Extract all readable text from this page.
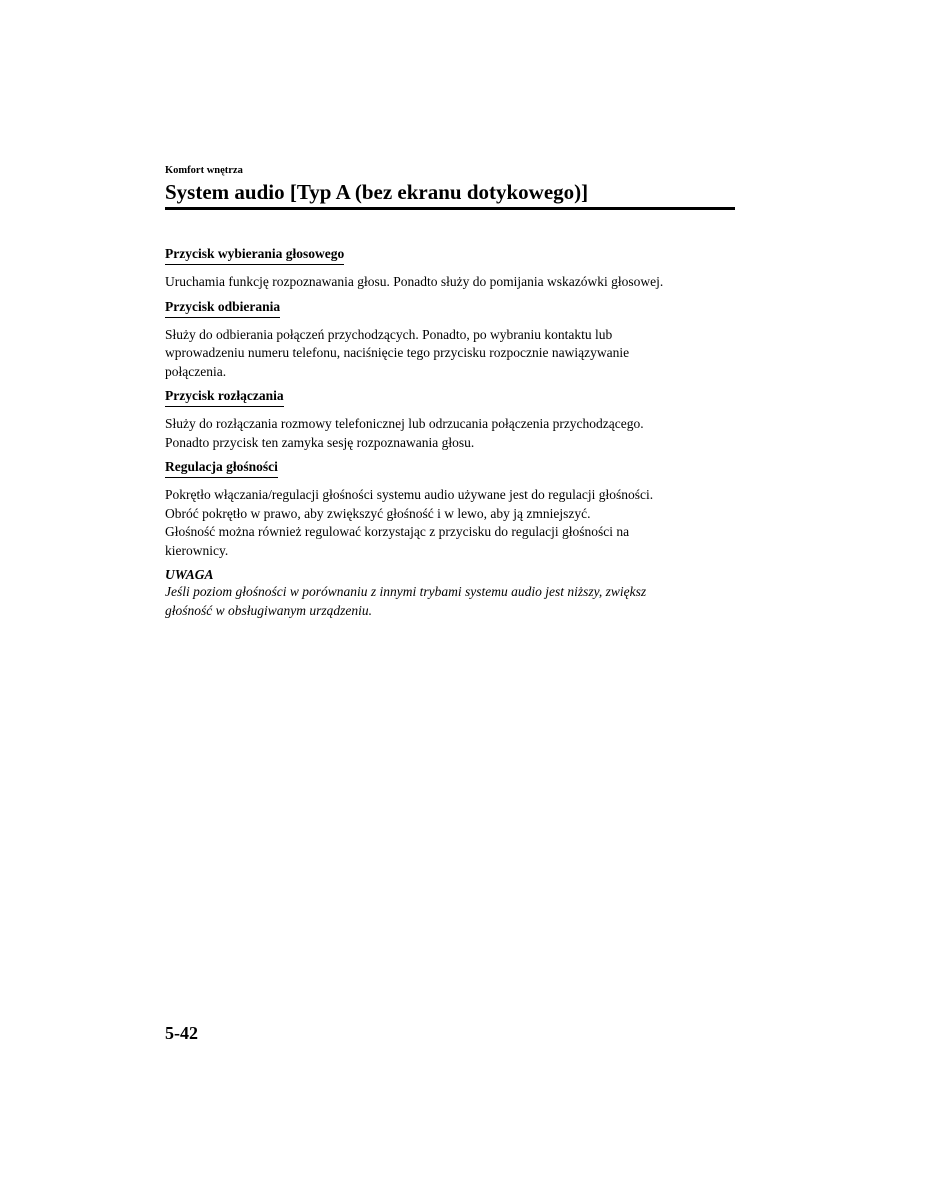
Komfort wnętrza
System audio [Typ A (bez ekranu dotykowego)]
Przycisk wybierania głosowego

Uruchamia funkcję rozpoznawania głosu. Ponadto służy do pomijania wskazówki głosowej.

Przycisk odbierania

Służy do odbierania połączeń przychodzących. Ponadto, po wybraniu kontaktu lub

wprowadzeniu numeru telefonu, naciśnięcie tego przycisku rozpocznie nawiązywanie

połączenia.

Przycisk rozłączania

Służy do rozłączania rozmowy telefonicznej lub odrzucania połączenia przychodzącego.

Ponadto przycisk ten zamyka sesję rozpoznawania głosu.

Regulacja głośności

Pokrętło włączania/regulacji głośności systemu audio używane jest do regulacji głośności.

Obróć pokrętło w prawo, aby zwiększyć głośność i w lewo, aby ją zmniejszyć.

Głośność można również regulować korzystając z przycisku do regulacji głośności na

kierownicy.

UWAGA

Jeśli poziom głośności w porównaniu z innymi trybami systemu audio jest niższy, zwiększ

głośność w obsługiwanym urządzeniu.

5-42
